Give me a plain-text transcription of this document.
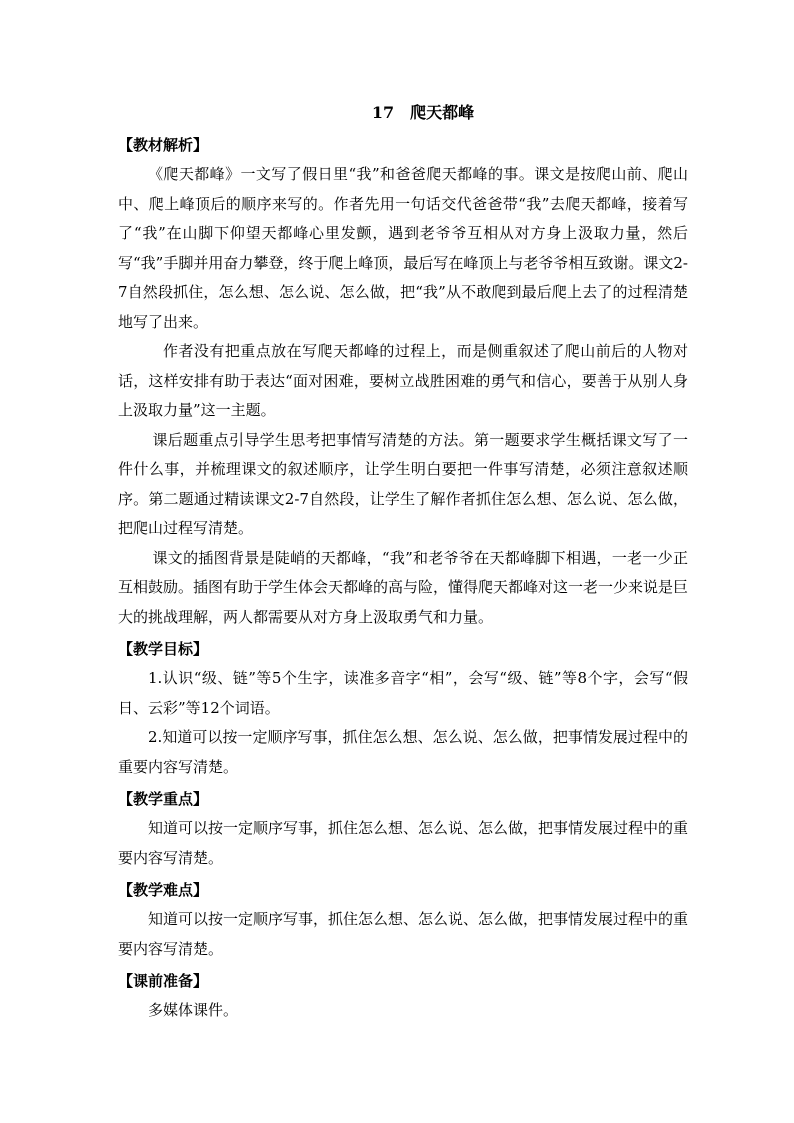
17　爬天都峰

【教材解析】

《爬天都峰》一文写了假日里“我”和爸爸爬天都峰的事。课文是按爬山前、爬山中、爬上峰顶后的顺序来写的。作者先用一句话交代爸爸带“我”去爬天都峰，接着写了“我”在山脚下仰望天都峰心里发颤，遇到老爷爷互相从对方身上汲取力量，然后写“我”手脚并用奋力攀登，终于爬上峰顶，最后写在峰顶上与老爷爷相互致谢。课文2-7自然段抓住，怎么想、怎么说、怎么做，把“我”从不敢爬到最后爬上去了的过程清楚地写了出来。

作者没有把重点放在写爬天都峰的过程上，而是侧重叙述了爬山前后的人物对话，这样安排有助于表达“面对困难，要树立战胜困难的勇气和信心，要善于从别人身上汲取力量”这一主题。

课后题重点引导学生思考把事情写清楚的方法。第一题要求学生概括课文写了一件什么事，并梳理课文的叙述顺序，让学生明白要把一件事写清楚，必须注意叙述顺序。第二题通过精读课文2-7自然段，让学生了解作者抓住怎么想、怎么说、怎么做，把爬山过程写清楚。

课文的插图背景是陡峭的天都峰，“我”和老爷爷在天都峰脚下相遇，一老一少正互相鼓励。插图有助于学生体会天都峰的高与险，懂得爬天都峰对这一老一少来说是巨大的挑战理解，两人都需要从对方身上汲取勇气和力量。

【教学目标】

1.认识“级、链”等5个生字，读准多音字“相”，会写“级、链”等8个字，会写“假日、云彩”等12个词语。

2.知道可以按一定顺序写事，抓住怎么想、怎么说、怎么做，把事情发展过程中的重要内容写清楚。

【教学重点】

知道可以按一定顺序写事，抓住怎么想、怎么说、怎么做，把事情发展过程中的重要内容写清楚。

【教学难点】

知道可以按一定顺序写事，抓住怎么想、怎么说、怎么做，把事情发展过程中的重要内容写清楚。

【课前准备】

多媒体课件。
